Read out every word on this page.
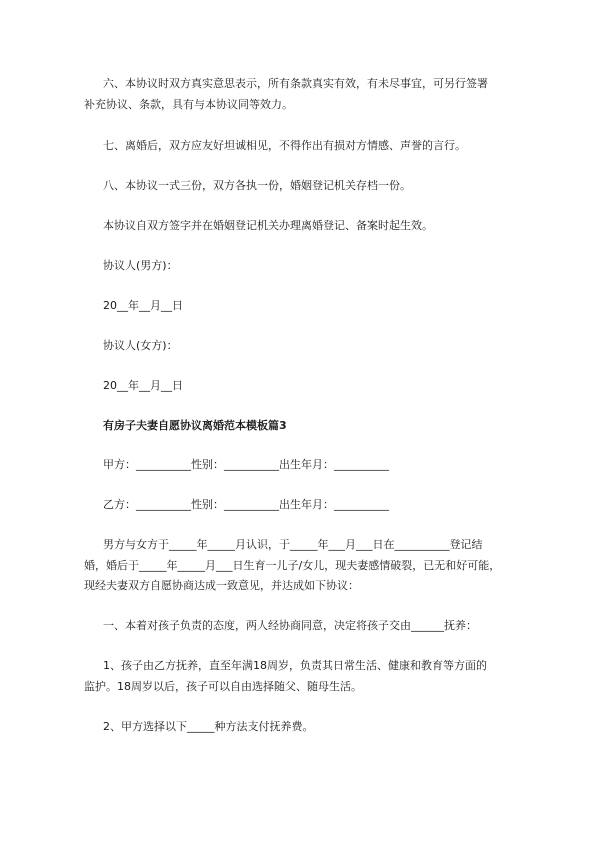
六、本协议时双方真实意思表示，所有条款真实有效，有未尽事宜，可另行签署
补充协议、条款，具有与本协议同等效力。
七、离婚后，双方应友好坦诚相见，不得作出有损对方情感、声誉的言行。
八、本协议一式三份，双方各执一份，婚姻登记机关存档一份。
本协议自双方签字并在婚姻登记机关办理离婚登记、备案时起生效。
协议人(男方)：
20__年__月__日
协议人(女方)：
20__年__月__日
有房子夫妻自愿协议离婚范本模板篇3
甲方：__________性别：__________出生年月：__________
乙方：__________性别：__________出生年月：__________
男方与女方于_____年_____月认识，于_____年___月___日在__________登记结
婚，婚后于_____年_____月___日生育一儿子/女儿，现夫妻感情破裂，已无和好可能，
现经夫妻双方自愿协商达成一致意见，并达成如下协议：
一、本着对孩子负责的态度，两人经协商同意，决定将孩子交由______抚养：
1、孩子由乙方抚养，直至年满18周岁，负责其日常生活、健康和教育等方面的
监护。18周岁以后，孩子可以自由选择随父、随母生活。
2、甲方选择以下_____种方法支付抚养费。
